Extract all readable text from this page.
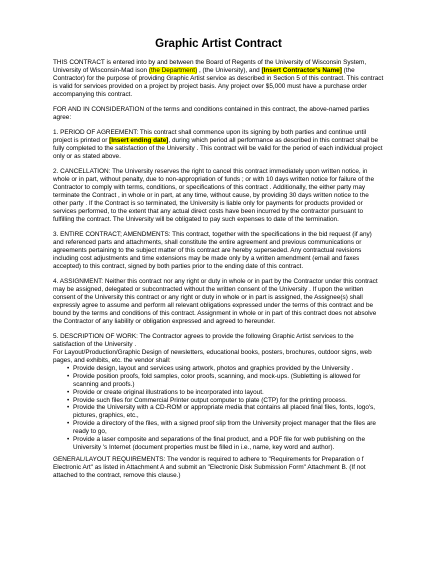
Graphic Artist Contract

THIS CONTRACT is entered into by and between the Board of Regents of the University of Wisconsin System, University of Wisconsin-Mad ison (the Department) , (the University), and [Insert Contractor's Name] (the Contractor) for the purpose of providing Graphic Artist service as described in Section 5 of this contract. This contract is valid for services provided on a project by project basis. Any project over $5,000 must have a purchase order accompanying this contract.

FOR AND IN CONSIDERATION of the terms and conditions contained in this contract, the above-named parties agree:

1. PERIOD OF AGREEMENT: This contract shall commence upon its signing by both parties and continue until project is printed or [Insert ending date], during which period all performance as described in this contract shall be fully completed to the satisfaction of the University . This contract will be valid for the period of each individual project only or as stated above.

2. CANCELLATION: The University reserves the right to cancel this contract immediately upon written notice, in whole or in part, without penalty, due to non-appropriation of funds ; or with 10 days written notice for failure of the Contractor to comply with terms, conditions, or specifications of this contract . Additionally, the either party may terminate the Contract , in whole or in part, at any time, without cause, by providing 30 days written notice to the other party . If the Contract is so terminated, the University is liable only for payments for products provided or services performed, to the extent that any actual direct costs have been incurred by the contractor pursuant to fulfilling the contract. The University will be obligated to pay such expenses to date of the termination.

3. ENTIRE CONTRACT; AMENDMENTS: This contract, together with the specifications in the bid request (if any) and referenced parts and attachments, shall constitute the entire agreement and previous communications or agreements pertaining to the subject matter of this contract are hereby superseded. Any contractual revisions including cost adjustments and time extensions may be made only by a written amendment (email and faxes accepted) to this contract, signed by both parties prior to the ending date of this contract.

4. ASSIGNMENT: Neither this contract nor any right or duty in whole or in part by the Contractor under this contract may be assigned, delegated or subcontracted without the written consent of the University . If upon the written consent of the University this contract or any right or duty in whole or in part is assigned, the Assignee(s) shall expressly agree to assume and perform all relevant obligations expressed under the terms of this contract and be bound by the terms and conditions of this contract. Assignment in whole or in part of this contract does not absolve the Contractor of any liability or obligation expressed and agreed to hereunder.

5. DESCRIPTION OF WORK: The Contractor agrees to provide the following Graphic Artist services to the satisfaction of the University .

For Layout/Production/Graphic Design of newsletters, educational books, posters, brochures, outdoor signs, web pages, and exhibits, etc. the vendor shall:

• Provide design, layout and services using artwork, photos and graphics provided by the University .
• Provide position proofs, fold samples, color proofs, scanning, and mock-ups. (Subletting is allowed for scanning and proofs.)
• Provide or create original illustrations to be incorporated into layout.
• Provide such files for Commercial Printer output computer to plate (CTP) for the printing process.
• Provide the University with a CD-ROM or appropriate media that contains all placed final files, fonts, logo's, pictures, graphics, etc.,
• Provide a directory of the files, with a signed proof slip from the University project manager that the files are ready to go,
• Provide a laser composite and separations of the final product, and a PDF file for web publishing on the University 's Internet (document properties must be filled in i.e., name, key word and author).

GENERAL/LAYOUT REQUIREMENTS: The vendor is required to adhere to "Requirements for Preparation o f Electronic Art" as listed in Attachment A and submit an "Electronic Disk Submission Form" Attachment B. (If not attached to the contract, remove this clause.)
